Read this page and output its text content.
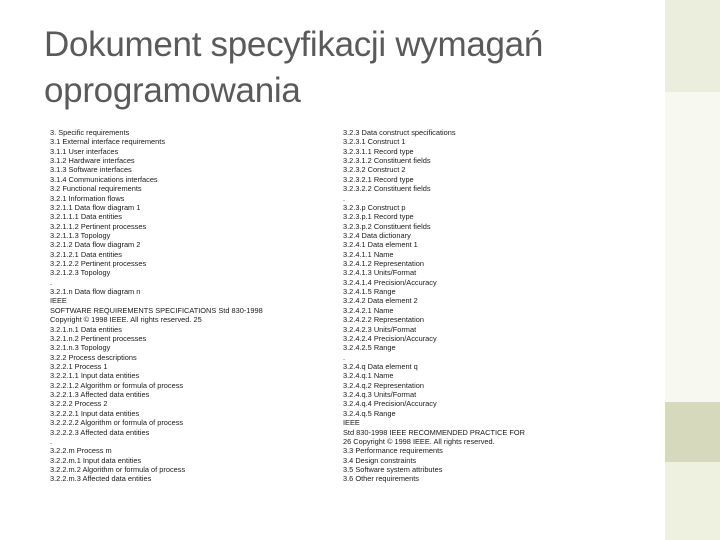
Dokument specyfikacji wymagań oprogramowania
3. Specific requirements
3.1 External interface requirements
3.1.1 User interfaces
3.1.2 Hardware interfaces
3.1.3 Software interfaces
3.1.4 Communications interfaces
3.2 Functional requirements
3.2.1 Information flows
3.2.1.1 Data flow diagram 1
3.2.1.1.1 Data entities
3.2.1.1.2 Pertinent processes
3.2.1.1.3 Topology
3.2.1.2 Data flow diagram 2
3.2.1.2.1 Data entities
3.2.1.2.2 Pertinent processes
3.2.1.2.3 Topology
.
3.2.1.n Data flow diagram n
IEEE
SOFTWARE REQUIREMENTS SPECIFICATIONS Std 830-1998
Copyright © 1998 IEEE. All rights reserved. 25
3.2.1.n.1 Data entities
3.2.1.n.2 Pertinent processes
3.2.1.n.3 Topology
3.2.2 Process descriptions
3.2.2.1 Process 1
3.2.2.1.1 Input data entities
3.2.2.1.2 Algorithm or formula of process
3.2.2.1.3 Affected data entities
3.2.2.2 Process 2
3.2.2.2.1 Input data entities
3.2.2.2.2 Algorithm or formula of process
3.2.2.2.3 Affected data entities
.
3.2.2.m Process m
3.2.2.m.1 Input data entities
3.2.2.m.2 Algorithm or formula of process
3.2.2.m.3 Affected data entities
3.2.3 Data construct specifications
3.2.3.1 Construct 1
3.2.3.1.1 Record type
3.2.3.1.2 Constituent fields
3.2.3.2 Construct 2
3.2.3.2.1 Record type
3.2.3.2.2 Constituent fields
.
3.2.3.p Construct p
3.2.3.p.1 Record type
3.2.3.p.2 Constituent fields
3.2.4 Data dictionary
3.2.4.1 Data element 1
3.2.4.1.1 Name
3.2.4.1.2 Representation
3.2.4.1.3 Units/Format
3.2.4.1.4 Precision/Accuracy
3.2.4.1.5 Range
3.2.4.2 Data element 2
3.2.4.2.1 Name
3.2.4.2.2 Representation
3.2.4.2.3 Units/Format
3.2.4.2.4 Precision/Accuracy
3.2.4.2.5 Range
.
3.2.4.q Data element q
3.2.4.q.1 Name
3.2.4.q.2 Representation
3.2.4.q.3 Units/Format
3.2.4.q.4 Precision/Accuracy
3.2.4.q.5 Range
IEEE
Std 830-1998 IEEE RECOMMENDED PRACTICE FOR
26 Copyright © 1998 IEEE. All rights reserved.
3.3 Performance requirements
3.4 Design constraints
3.5 Software system attributes
3.6 Other requirements
